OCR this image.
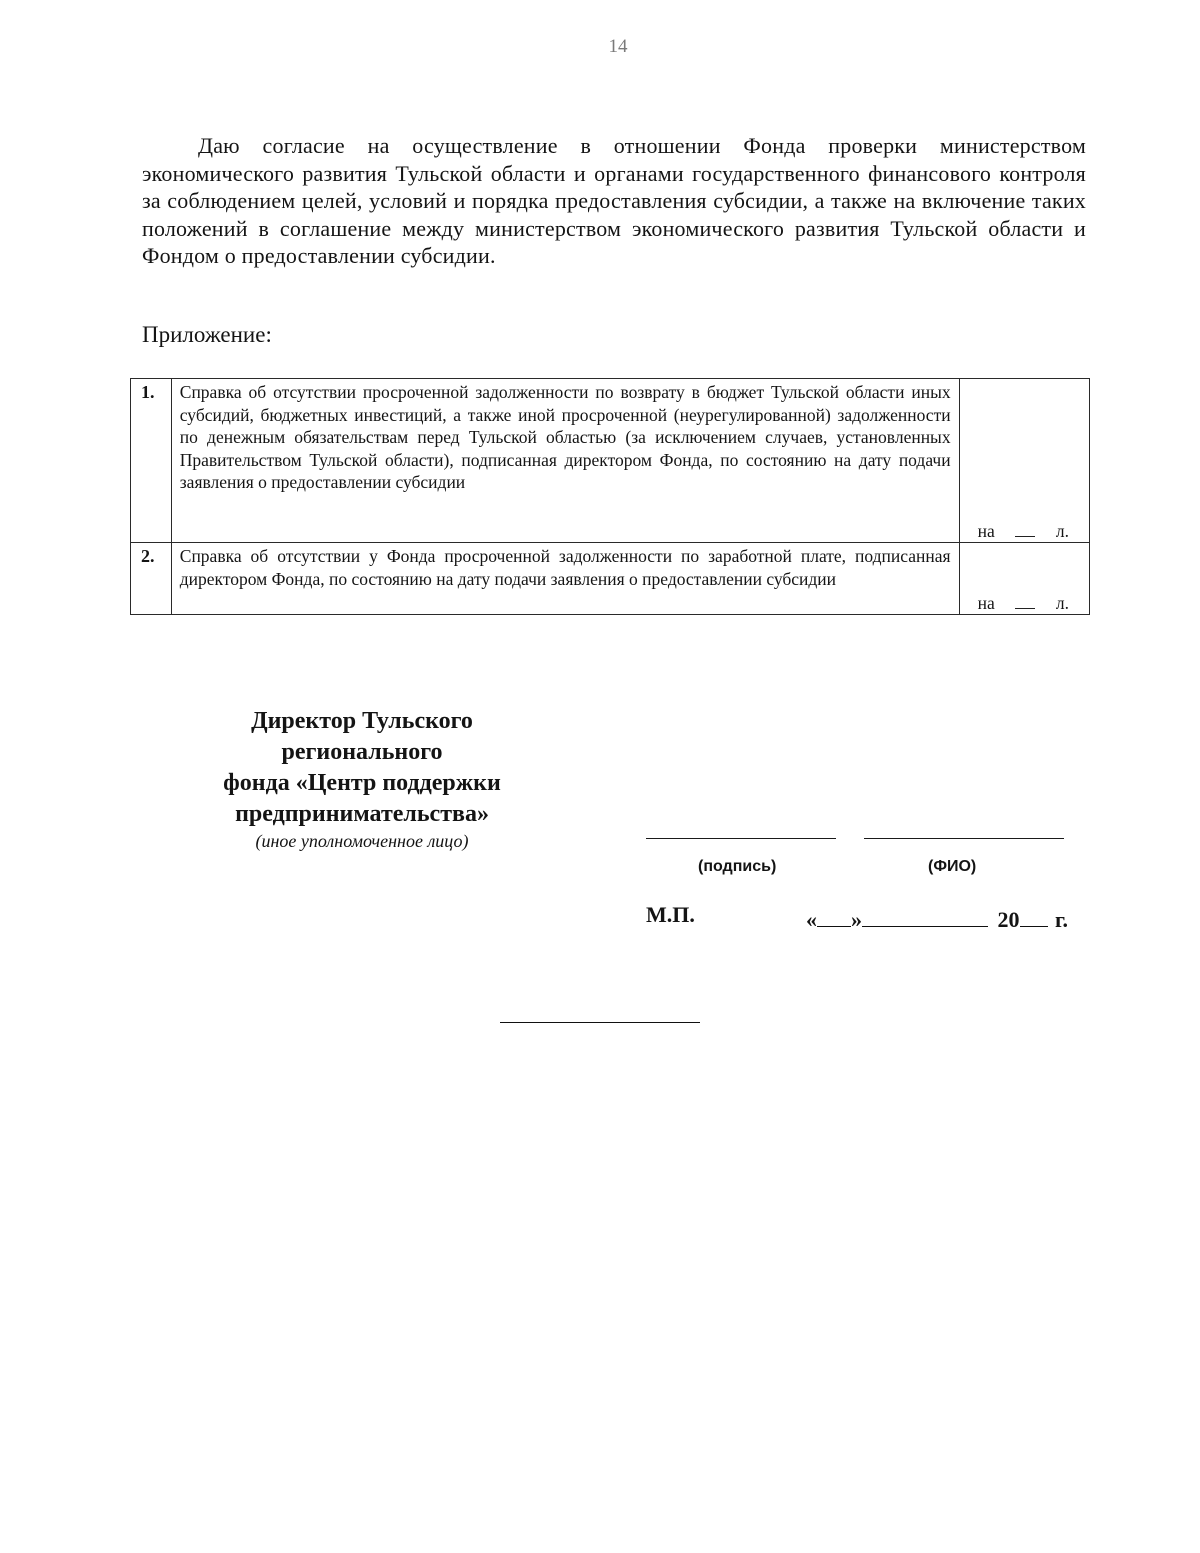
14

Даю согласие на осуществление в отношении Фонда проверки министерством экономического развития Тульской области и органами государственного финансового контроля за соблюдением целей, условий и порядка предоставления субсидии, а также на включение таких положений в соглашение между министерством экономического развития Тульской области и Фондом о предоставлении субсидии.

Приложение:
1.	Справка об отсутствии просроченной задолженности по возврату в бюджет Тульской области иных субсидий, бюджетных инвестиций, а также иной просроченной (неурегулированной) задолженности по денежным обязательствам перед Тульской областью (за исключением случаев, установленных Правительством Тульской области), подписанная директором Фонда, по состоянию на дату подачи заявления о предоставлении субсидии	на л.

2.	Справка об отсутствии у Фонда просроченной задолженности по заработной плате, подписанная директором Фонда, по состоянию на дату подачи заявления о предоставлении субсидии	на л.
Директор Тульского
регионального
фонда «Центр поддержки
предпринимательства»
(иное уполномоченное лицо)
(подпись)	(ФИО)
М.П.	« »	20 г.
